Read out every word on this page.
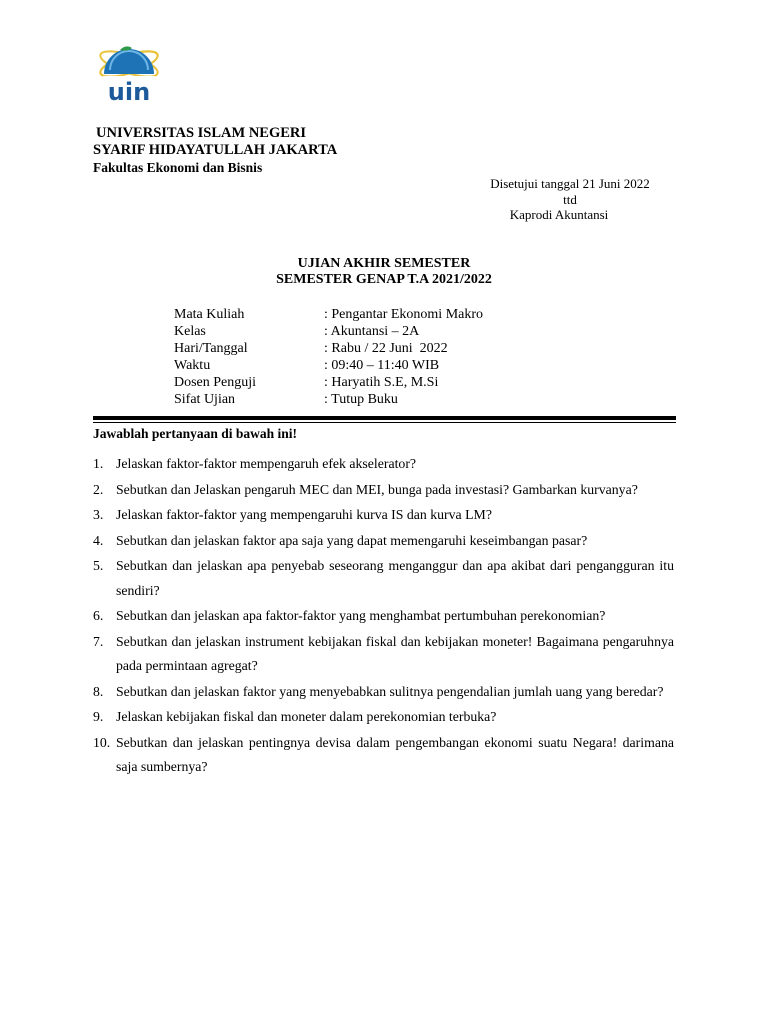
uin
UNIVERSITAS ISLAM NEGERI
SYARIF HIDAYATULLAH JAKARTA
Fakultas Ekonomi dan Bisnis
Disetujui tanggal 21 Juni 2022
ttd
Kaprodi Akuntansi
UJIAN AKHIR SEMESTER
SEMESTER GENAP T.A 2021/2022
Mata Kuliah	: Pengantar Ekonomi Makro
Kelas	: Akuntansi – 2A
Hari/Tanggal	: Rabu / 22 Juni  2022
Waktu	: 09:40 – 11:40 WIB
Dosen Penguji	: Haryatih S.E, M.Si
Sifat Ujian	: Tutup Buku
Jawablah pertanyaan di bawah ini!
1. Jelaskan faktor-faktor mempengaruh efek akselerator?
2. Sebutkan dan Jelaskan pengaruh MEC dan MEI, bunga pada investasi? Gambarkan kurvanya?
3. Jelaskan faktor-faktor yang mempengaruhi kurva IS dan kurva LM?
4. Sebutkan dan jelaskan faktor apa saja yang dapat memengaruhi keseimbangan pasar?
5. Sebutkan dan jelaskan apa penyebab seseorang menganggur dan apa akibat dari pengangguran itu sendiri?
6. Sebutkan dan jelaskan apa faktor-faktor yang menghambat pertumbuhan perekonomian?
7. Sebutkan dan jelaskan instrument kebijakan fiskal dan kebijakan moneter! Bagaimana pengaruhnya pada permintaan agregat?
8. Sebutkan dan jelaskan faktor yang menyebabkan sulitnya pengendalian jumlah uang yang beredar?
9. Jelaskan kebijakan fiskal dan moneter dalam perekonomian terbuka?
10. Sebutkan dan jelaskan pentingnya devisa dalam pengembangan ekonomi suatu Negara! darimana saja sumbernya?
